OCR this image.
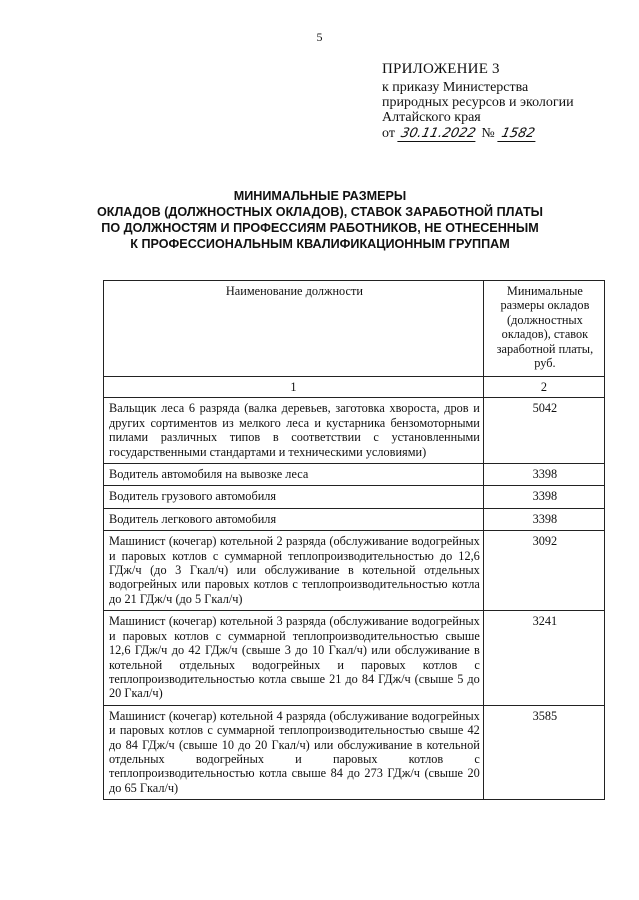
5
ПРИЛОЖЕНИЕ 3
к приказу Министерства
природных ресурсов и экологии
Алтайского края
от 30.11.2022 № 1582
МИНИМАЛЬНЫЕ РАЗМЕРЫ
ОКЛАДОВ (ДОЛЖНОСТНЫХ ОКЛАДОВ), СТАВОК ЗАРАБОТНОЙ ПЛАТЫ
ПО ДОЛЖНОСТЯМ И ПРОФЕССИЯМ РАБОТНИКОВ, НЕ ОТНЕСЕННЫМ
К ПРОФЕССИОНАЛЬНЫМ КВАЛИФИКАЦИОННЫМ ГРУППАМ
Наименование должности	Минимальные размеры окладов (должностных окладов), ставок заработной платы, руб.
1	2
Вальщик леса 6 разряда (валка деревьев, заготовка хвороста, дров и других сортиментов из мелкого леса и кустарника бензомоторными пилами различных типов в соответствии с установленными государственными стандартами и техническими условиями)	5042
Водитель автомобиля на вывозке леса	3398
Водитель грузового автомобиля	3398
Водитель легкового автомобиля	3398
Машинист (кочегар) котельной 2 разряда (обслуживание водогрейных и паровых котлов с суммарной теплопроизводительностью до 12,6 ГДж/ч (до 3 Гкал/ч) или обслуживание в котельной отдельных водогрейных или паровых котлов с теплопроизводительностью котла до 21 ГДж/ч (до 5 Гкал/ч)	3092
Машинист (кочегар) котельной 3 разряда (обслуживание водогрейных и паровых котлов с суммарной теплопроизводительностью свыше 12,6 ГДж/ч до 42 ГДж/ч (свыше 3 до 10 Гкал/ч) или обслуживание в котельной отдельных водогрейных и паровых котлов с теплопроизводительностью котла свыше 21 до 84 ГДж/ч (свыше 5 до 20 Гкал/ч)	3241
Машинист (кочегар) котельной 4 разряда (обслуживание водогрейных и паровых котлов с суммарной теплопроизводительностью свыше 42 до 84 ГДж/ч (свыше 10 до 20 Гкал/ч) или обслуживание в котельной отдельных водогрейных и паровых котлов с теплопроизводительностью котла свыше 84 до 273 ГДж/ч (свыше 20 до 65 Гкал/ч)	3585
